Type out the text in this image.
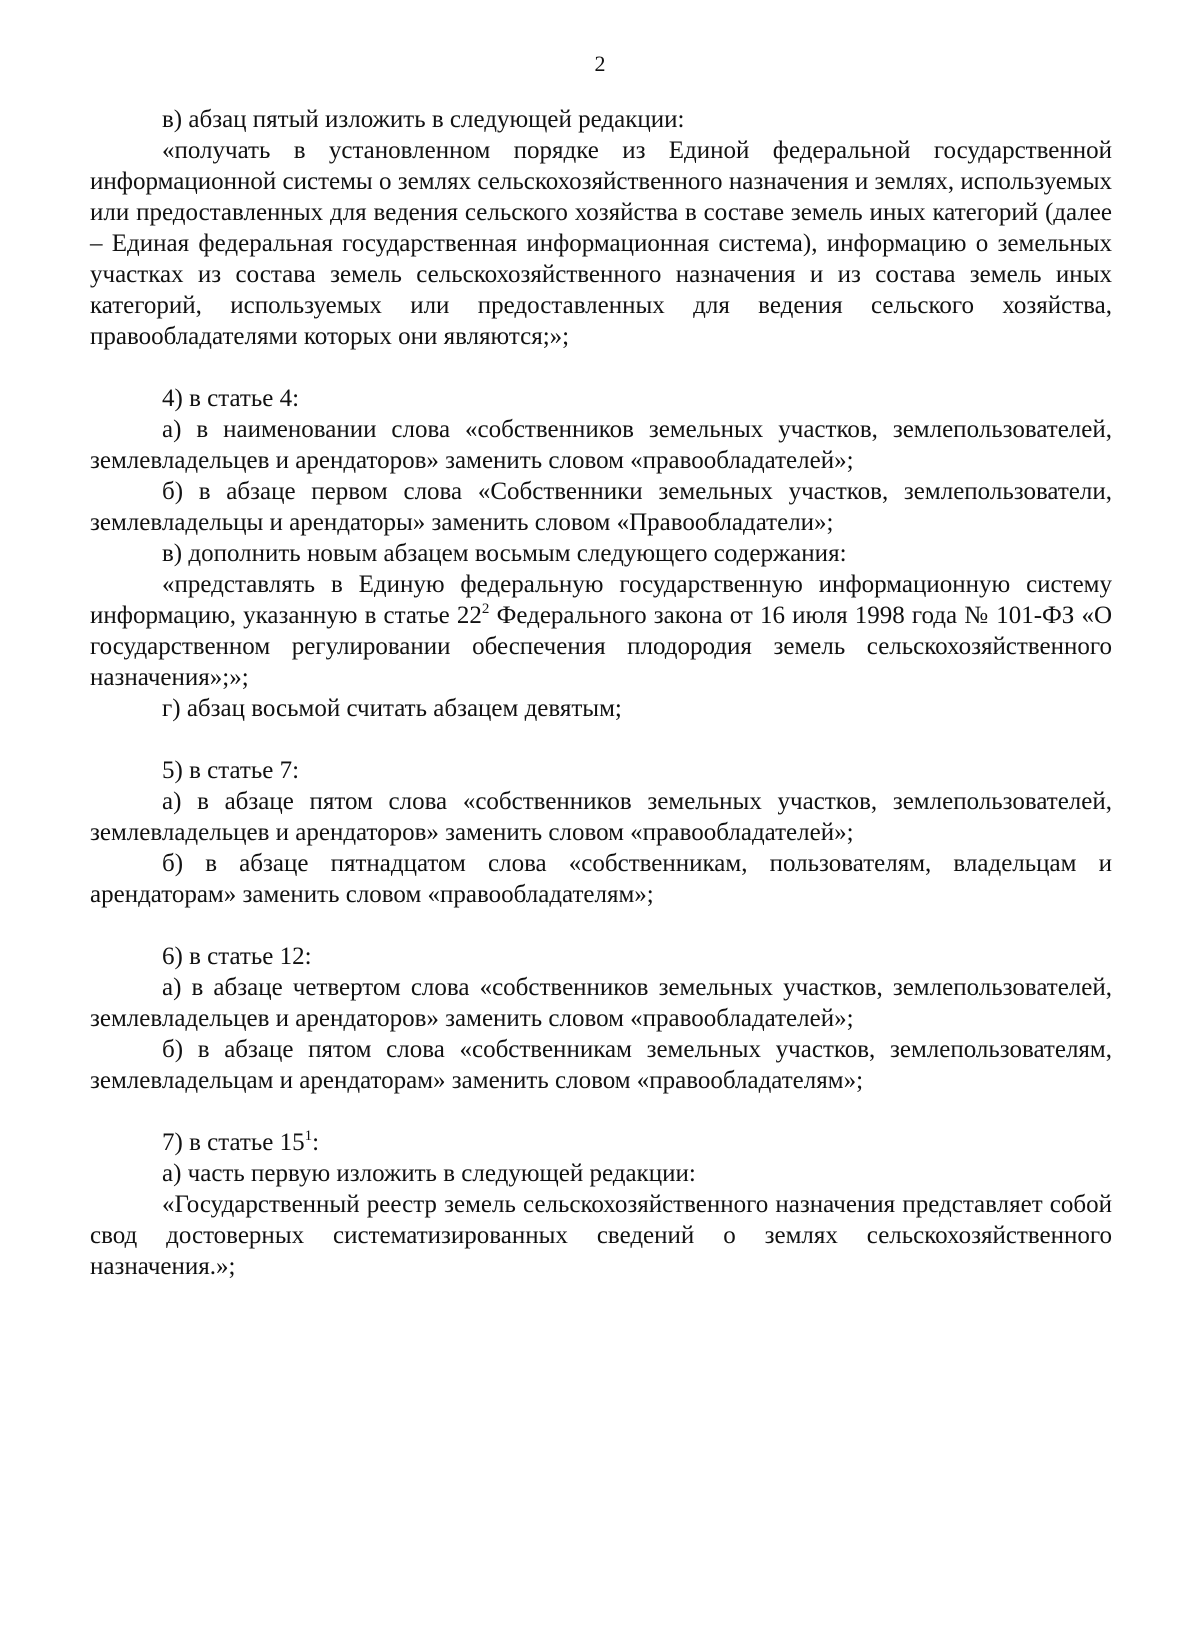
2

в) абзац пятый изложить в следующей редакции:

«получать в установленном порядке из Единой федеральной государственной информационной системы о землях сельскохозяйственного назначения и землях, используемых или предоставленных для ведения сельского хозяйства в составе земель иных категорий (далее – Единая федеральная государственная информационная система), информацию о земельных участках из состава земель сельскохозяйственного назначения и из состава земель иных категорий, используемых или предоставленных для ведения сельского хозяйства, правообладателями которых они являются;»;

4) в статье 4:

а) в наименовании слова «собственников земельных участков, землепользователей, землевладельцев и арендаторов» заменить словом «правообладателей»;

б) в абзаце первом слова «Собственники земельных участков, землепользователи, землевладельцы и арендаторы» заменить словом «Правообладатели»;

в) дополнить новым абзацем восьмым следующего содержания:

«представлять в Единую федеральную государственную информационную систему информацию, указанную в статье $22^2$ Федерального закона от 16 июля 1998 года № 101-ФЗ «О государственном регулировании обеспечения плодородия земель сельскохозяйственного назначения»;»;

г) абзац восьмой считать абзацем девятым;

5) в статье 7:

а) в абзаце пятом слова «собственников земельных участков, землепользователей, землевладельцев и арендаторов» заменить словом «правообладателей»;

б) в абзаце пятнадцатом слова «собственникам, пользователям, владельцам и арендаторам» заменить словом «правообладателям»;

6) в статье 12:

а) в абзаце четвертом слова «собственников земельных участков, землепользователей, землевладельцев и арендаторов» заменить словом «правообладателей»;

б) в абзаце пятом слова «собственникам земельных участков, землепользователям, землевладельцам и арендаторам» заменить словом «правообладателям»;

7) в статье $15^1$:

а) часть первую изложить в следующей редакции:

«Государственный реестр земель сельскохозяйственного назначения представляет собой свод достоверных систематизированных сведений о землях сельскохозяйственного назначения.»;
